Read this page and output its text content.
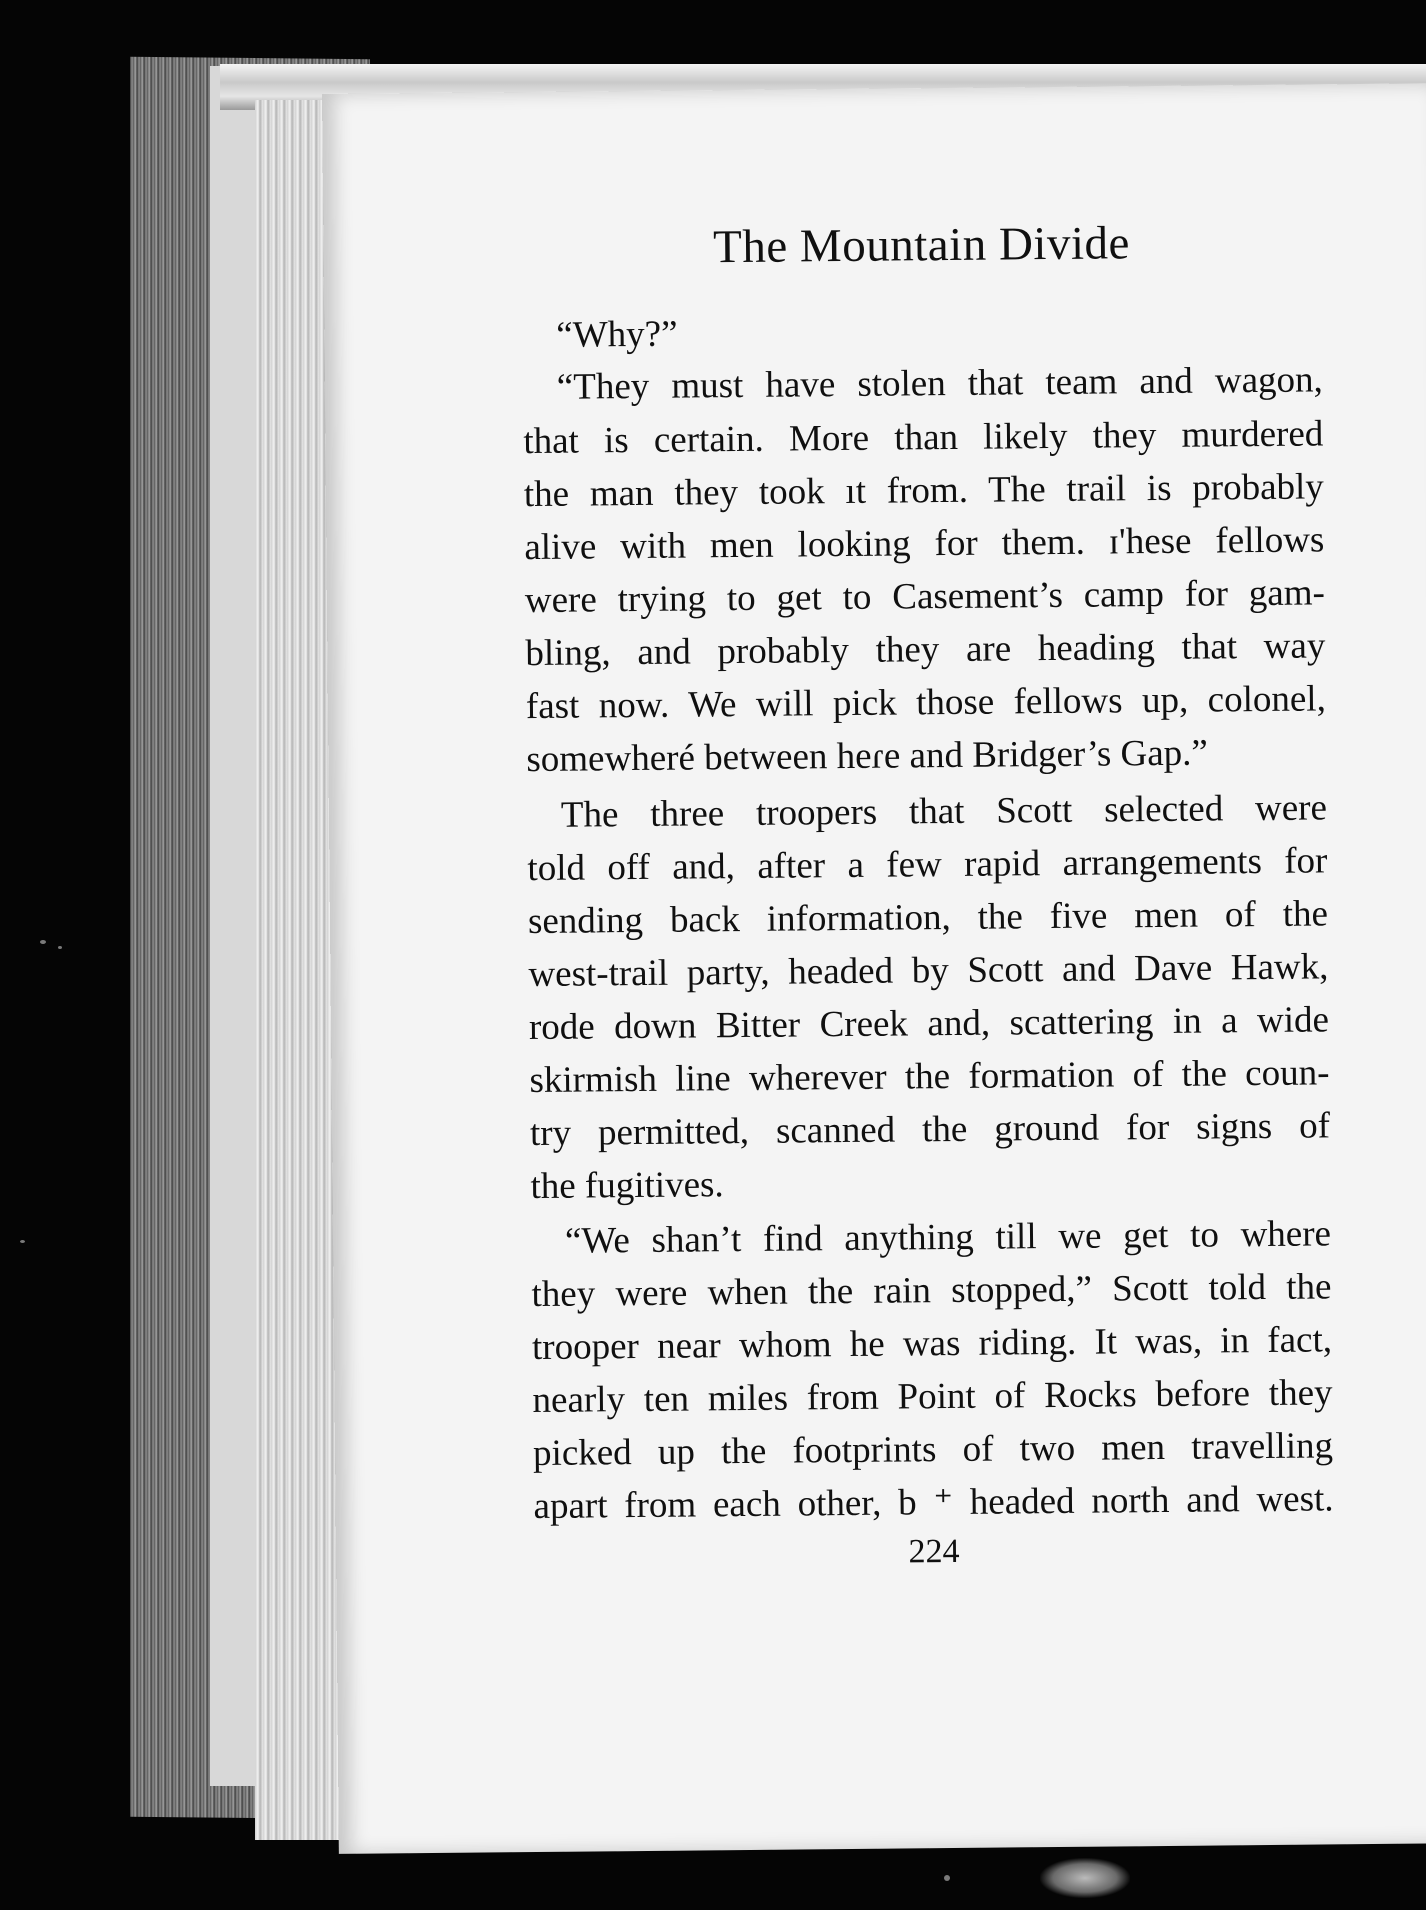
The Mountain Divide
“Why?”
“They must have stolen that team and wagon,
that is certain. More than likely they murdered
the man they took ıt from. The trail is probably
alive with men looking for them. ɪ'hese fellows
were trying to get to Casement’s camp for gam-
bling, and probably they are heading that way
fast now. We will pick those fellows up, colonel,
somewheré between heɾe and Bridger’s Gap.”
The three troopers that Scott selected were
told off and, after a few rapid arrangements for
sending back information, the five men of the
west-trail party, headed by Scott and Dave Hawk,
rode down Bitter Creek and, scattering in a wide
skirmish line wherever the formation of the coun-
try permitted, scanned the ground for signs of
the fugitives.
“We shan’t find anything till we get to where
they were when the rain stopped,” Scott told the
trooper near whom he was riding. It was, in fact,
nearly ten miles from Point of Rocks before they
picked up the footprints of two men travelling
apart from each other, b ⁺ headed north and west.
224
